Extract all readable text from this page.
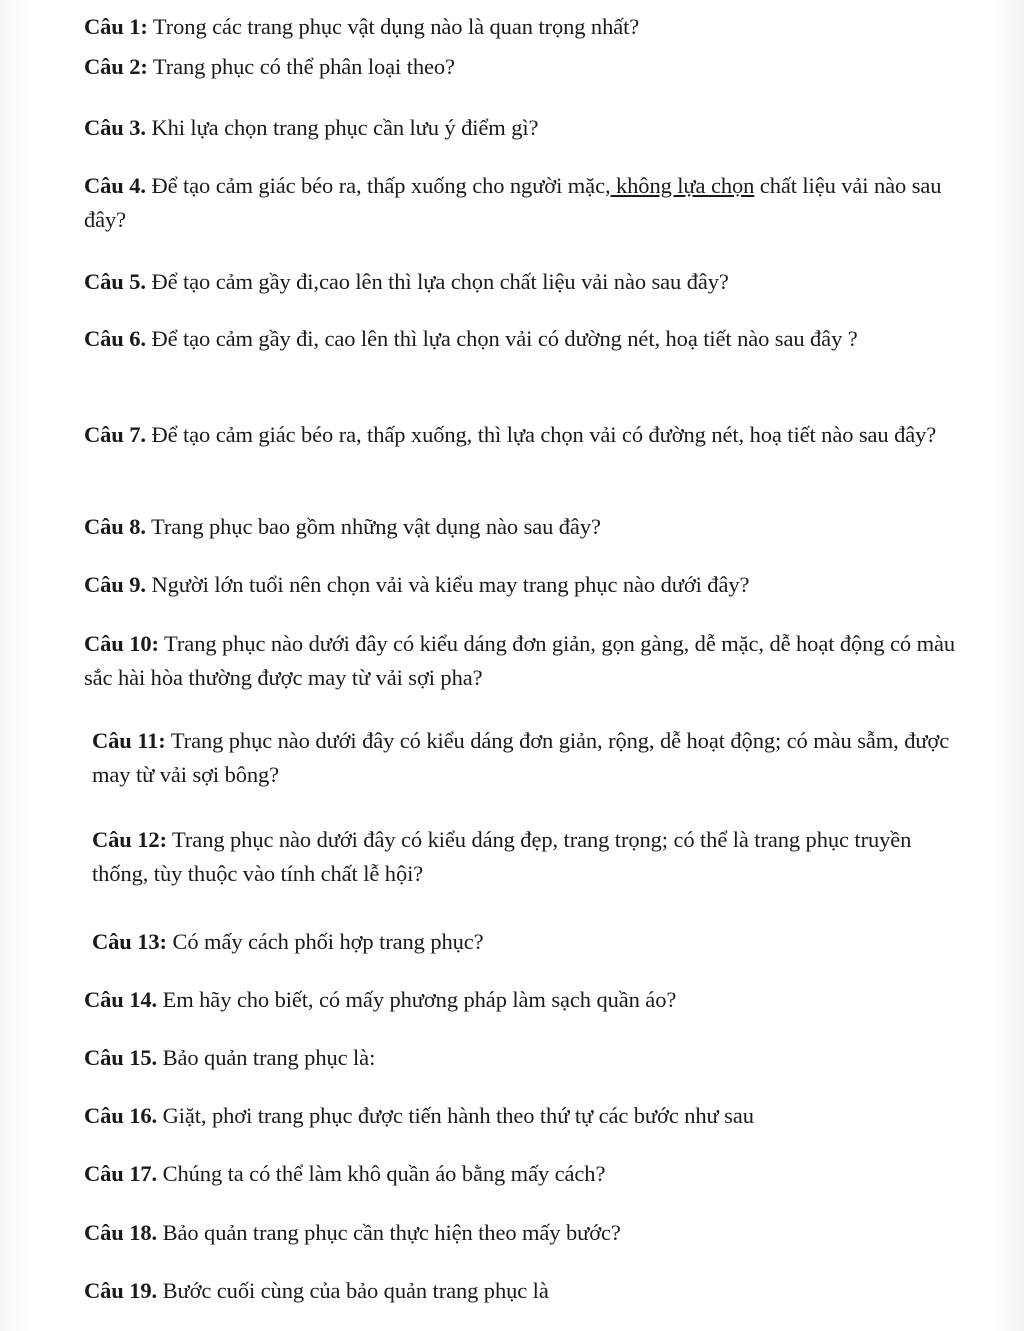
Câu 1: Trong các trang phục vật dụng nào là quan trọng nhất?

Câu 2: Trang phục có thể phân loại theo?

Câu 3. Khi lựa chọn trang phục cần lưu ý điểm gì?

Câu 4. Để tạo cảm giác béo ra, thấp xuống cho người mặc, không lựa chọn chất liệu vải nào sau đây?

Câu 5. Để tạo cảm gầy đi,cao lên thì lựa chọn chất liệu vải nào sau đây?

Câu 6. Để tạo cảm gầy đi, cao lên thì lựa chọn vải có dường nét, hoạ tiết nào sau đây ?

Câu 7. Để tạo cảm giác béo ra, thấp xuống, thì lựa chọn vải có đường nét, hoạ tiết nào sau đây?

Câu 8. Trang phục bao gồm những vật dụng nào sau đây?

Câu 9. Người lớn tuổi nên chọn vải và kiểu may trang phục nào dưới đây?

Câu 10: Trang phục nào dưới đây có kiểu dáng đơn giản, gọn gàng, dễ mặc, dễ hoạt động có màu sắc hài hòa thường được may từ vải sợi pha?

Câu 11: Trang phục nào dưới đây có kiểu dáng đơn giản, rộng, dễ hoạt động; có màu sẫm, được may từ vải sợi bông?

Câu 12: Trang phục nào dưới đây có kiểu dáng đẹp, trang trọng; có thể là trang phục truyền thống, tùy thuộc vào tính chất lễ hội?

Câu 13: Có mấy cách phối hợp trang phục?

Câu 14. Em hãy cho biết, có mấy phương pháp làm sạch quần áo?

Câu 15. Bảo quản trang phục là:

Câu 16. Giặt, phơi trang phục được tiến hành theo thứ tự các bước như sau

Câu 17. Chúng ta có thể làm khô quần áo bằng mấy cách?

Câu 18. Bảo quản trang phục cần thực hiện theo mấy bước?

Câu 19. Bước cuối cùng của bảo quản trang phục là
